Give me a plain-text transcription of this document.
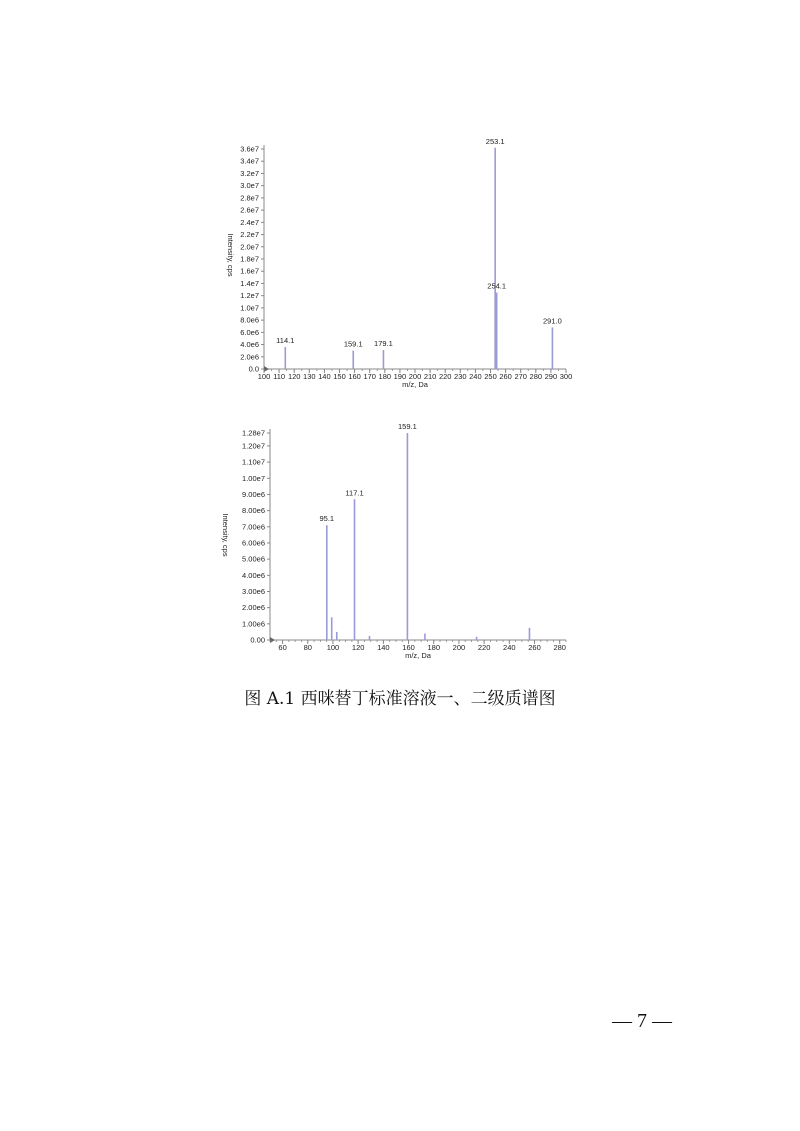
0.0
2.0e6
4.0e6
6.0e6
8.0e6
1.0e7
1.2e7
1.4e7
1.6e7
1.8e7
2.0e7
2.2e7
2.4e7
2.6e7
2.8e7
3.0e7
3.2e7
3.4e7
3.6e7
100 110 120 130 140 150 160 170 180 190 200 210 220 230 240 250 260 270 280 290 300
m/z, Da
Intensity, cps
114.1	159.1 179.1
253.1
254.1
291.0
0.00
1.00e6
2.00e6
3.00e6
4.00e6
5.00e6
6.00e6
7.00e6
8.00e6
9.00e6
1.00e7
1.10e7
1.20e7
1.28e7
60 80 100 120 140 160 180 200 220 240 260 280
m/z, Da
Intensity, cps	95.1
117.1
159.1
图 A.1 西咪替丁标准溶液一、二级质谱图
— 7 —
